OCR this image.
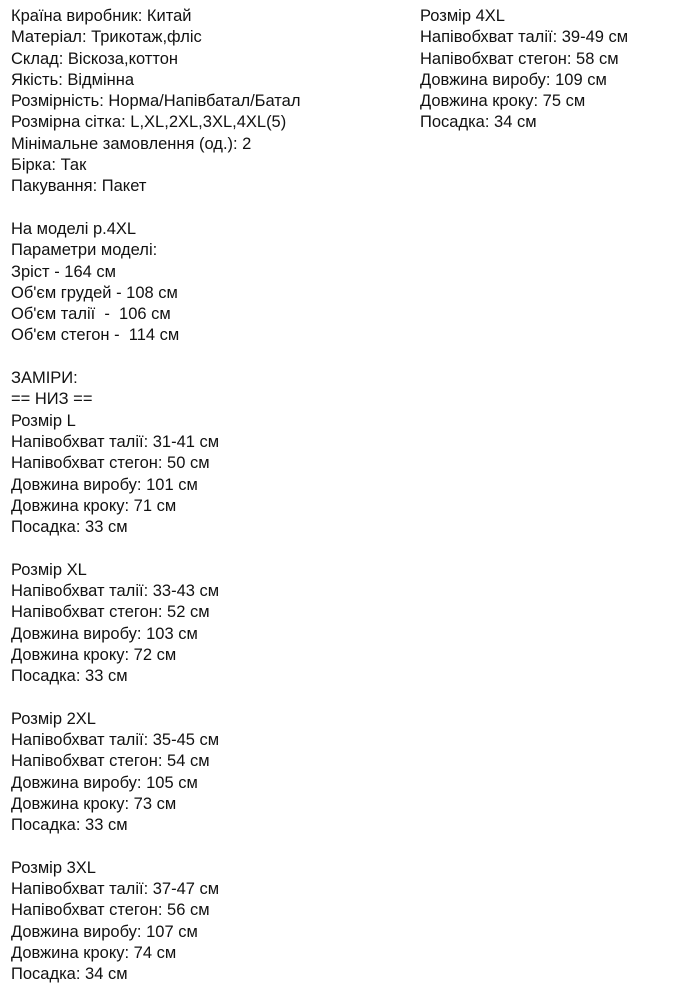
Країна виробник: Китай
Матеріал: Трикотаж,фліс
Склад: Віскоза,коттон
Якість: Відмінна
Розмірність: Норма/Напівбатал/Батал
Розмірна сітка: L,XL,2XL,3XL,4XL(5)
Мінімальне замовлення (од.): 2
Бірка: Так
Пакування: Пакет
На моделі р.4XL
Параметри моделі:
Зріст - 164 см
Об'єм грудей - 108 см
Об'єм талії  -  106 см
Об'єм стегон -  114 см
ЗАМІРИ:
== НИЗ ==
Розмір L
Напівобхват талії: 31-41 см
Напівобхват стегон: 50 см
Довжина виробу: 101 см
Довжина кроку: 71 см
Посадка: 33 см
Розмір XL
Напівобхват талії: 33-43 см
Напівобхват стегон: 52 см
Довжина виробу: 103 см
Довжина кроку: 72 см
Посадка: 33 см
Розмір 2XL
Напівобхват талії: 35-45 см
Напівобхват стегон: 54 см
Довжина виробу: 105 см
Довжина кроку: 73 см
Посадка: 33 см
Розмір 3XL
Напівобхват талії: 37-47 см
Напівобхват стегон: 56 см
Довжина виробу: 107 см
Довжина кроку: 74 см
Посадка: 34 см
Розмір 4XL
Напівобхват талії: 39-49 см
Напівобхват стегон: 58 см
Довжина виробу: 109 см
Довжина кроку: 75 см
Посадка: 34 см
